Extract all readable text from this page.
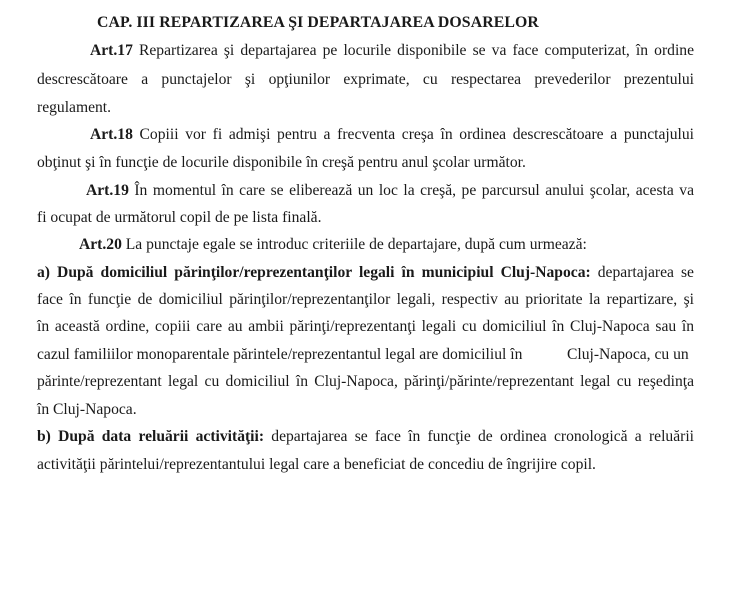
CAP. III REPARTIZAREA ŞI DEPARTAJAREA DOSARELOR
Art.17 Repartizarea şi departajarea pe locurile disponibile se va face computerizat, în ordine
descrescătoare a punctajelor şi opţiunilor exprimate, cu respectarea prevederilor prezentului
regulament.
Art.18 Copiii vor fi admişi pentru a frecventa creşa în ordinea descrescătoare a punctajului
obţinut şi în funcţie de locurile disponibile în creşă pentru anul şcolar următor.
Art.19 În momentul în care se eliberează un loc la creşă, pe parcursul anului şcolar, acesta va
fi ocupat de următorul copil de pe lista finală.
Art.20 La punctaje egale se introduc criteriile de departajare, după cum urmează:
a) După domiciliul părinţilor/reprezentanţilor legali în municipiul Cluj-Napoca: departajarea se
face în funcţie de domiciliul părinţilor/reprezentanţilor legali, respectiv au prioritate la repartizare, şi
în această ordine, copiii care au ambii părinţi/reprezentanţi legali cu domiciliul în Cluj-Napoca sau în
cazul familiilor monoparentale părintele/reprezentantul legal are domiciliul în	Cluj-Napoca, cu un
părinte/reprezentant legal cu domiciliul în Cluj-Napoca, părinţi/părinte/reprezentant legal cu reşedinţa
în Cluj-Napoca.
b) După data reluării activităţii: departajarea se face în funcţie de ordinea cronologică a reluării
activităţii părintelui/reprezentantului legal care a beneficiat de concediu de îngrijire copil.
